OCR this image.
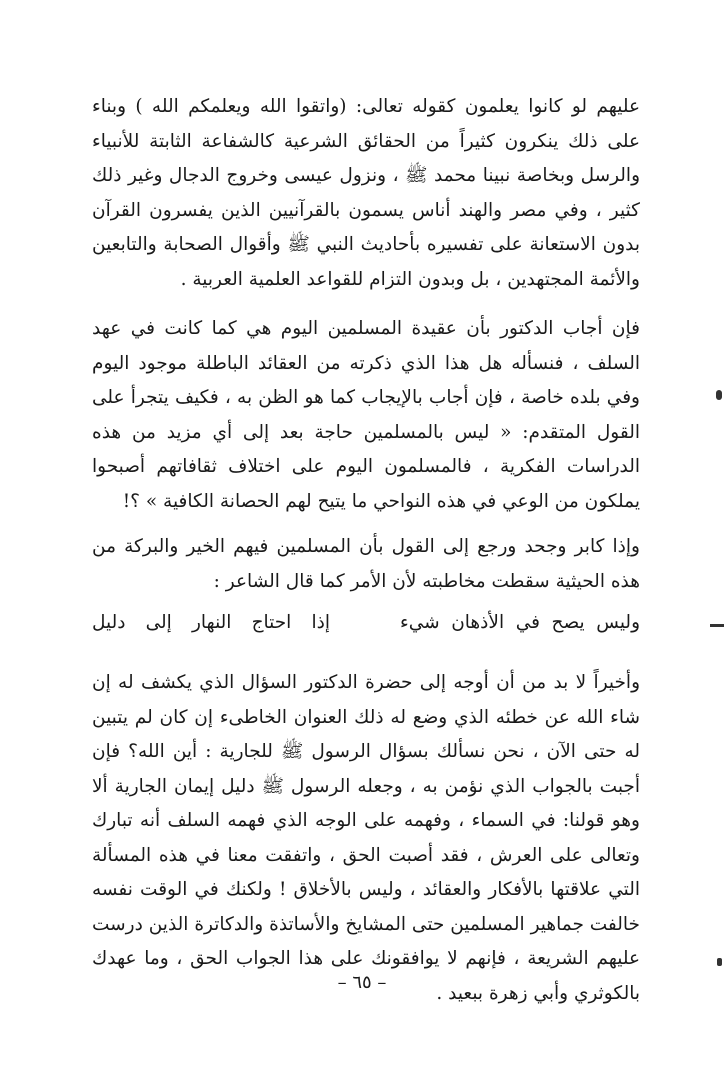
عليهم لو كانوا يعلمون كقوله تعالى: (واتقوا الله ويعلمكم الله ) وبناء على ذلك ينكرون كثيراً من الحقائق الشرعية كالشفاعة الثابتة للأنبياء والرسل وبخاصة نبينا محمد ﷺ ، ونزول عيسى وخروج الدجال وغير ذلك كثير ، وفي مصر والهند أناس يسمون بالقرآنيين الذين يفسرون القرآن بدون الاستعانة على تفسيره بأحاديث النبي ﷺ وأقوال الصحابة والتابعين والأئمة المجتهدين ، بل وبدون التزام للقواعد العلمية العربية .

فإن أجاب الدكتور بأن عقيدة المسلمين اليوم هي كما كانت في عهد السلف ، فنسأله هل هذا الذي ذكرته من العقائد الباطلة موجود اليوم وفي بلده خاصة ، فإن أجاب بالإيجاب كما هو الظن به ، فكيف يتجرأ على القول المتقدم: « ليس بالمسلمين حاجة بعد إلى أي مزيد من هذه الدراسات الفكرية ، فالمسلمون اليوم على اختلاف ثقافاتهم أصبحوا يملكون من الوعي في هذه النواحي ما يتيح لهم الحصانة الكافية » ؟!

وإذا كابر وجحد ورجع إلى القول بأن المسلمين فيهم الخير والبركة من هذه الحيثية سقطت مخاطبته لأن الأمر كما قال الشاعر :

وليس يصح في الأذهان شيء
إذا احتاج النهار إلى دليل

وأخيراً لا بد من أن أوجه إلى حضرة الدكتور السؤال الذي يكشف له إن شاء الله عن خطئه الذي وضع له ذلك العنوان الخاطىء إن كان لم يتبين له حتى الآن ، نحن نسألك بسؤال الرسول ﷺ للجارية : أين الله؟ فإن أجبت بالجواب الذي نؤمن به ، وجعله الرسول ﷺ دليل إيمان الجارية ألا وهو قولنا: في السماء ، وفهمه على الوجه الذي فهمه السلف أنه تبارك وتعالى على العرش ، فقد أصبت الحق ، واتفقت معنا في هذه المسألة التي علاقتها بالأفكار والعقائد ، وليس بالأخلاق ! ولكنك في الوقت نفسه خالفت جماهير المسلمين حتى المشايخ والأساتذة والدكاترة الذين درست عليهم الشريعة ، فإنهم لا يوافقونك على هذا الجواب الحق ، وما عهدك بالكوثري وأبي زهرة ببعيد .

– ٦٥ –
